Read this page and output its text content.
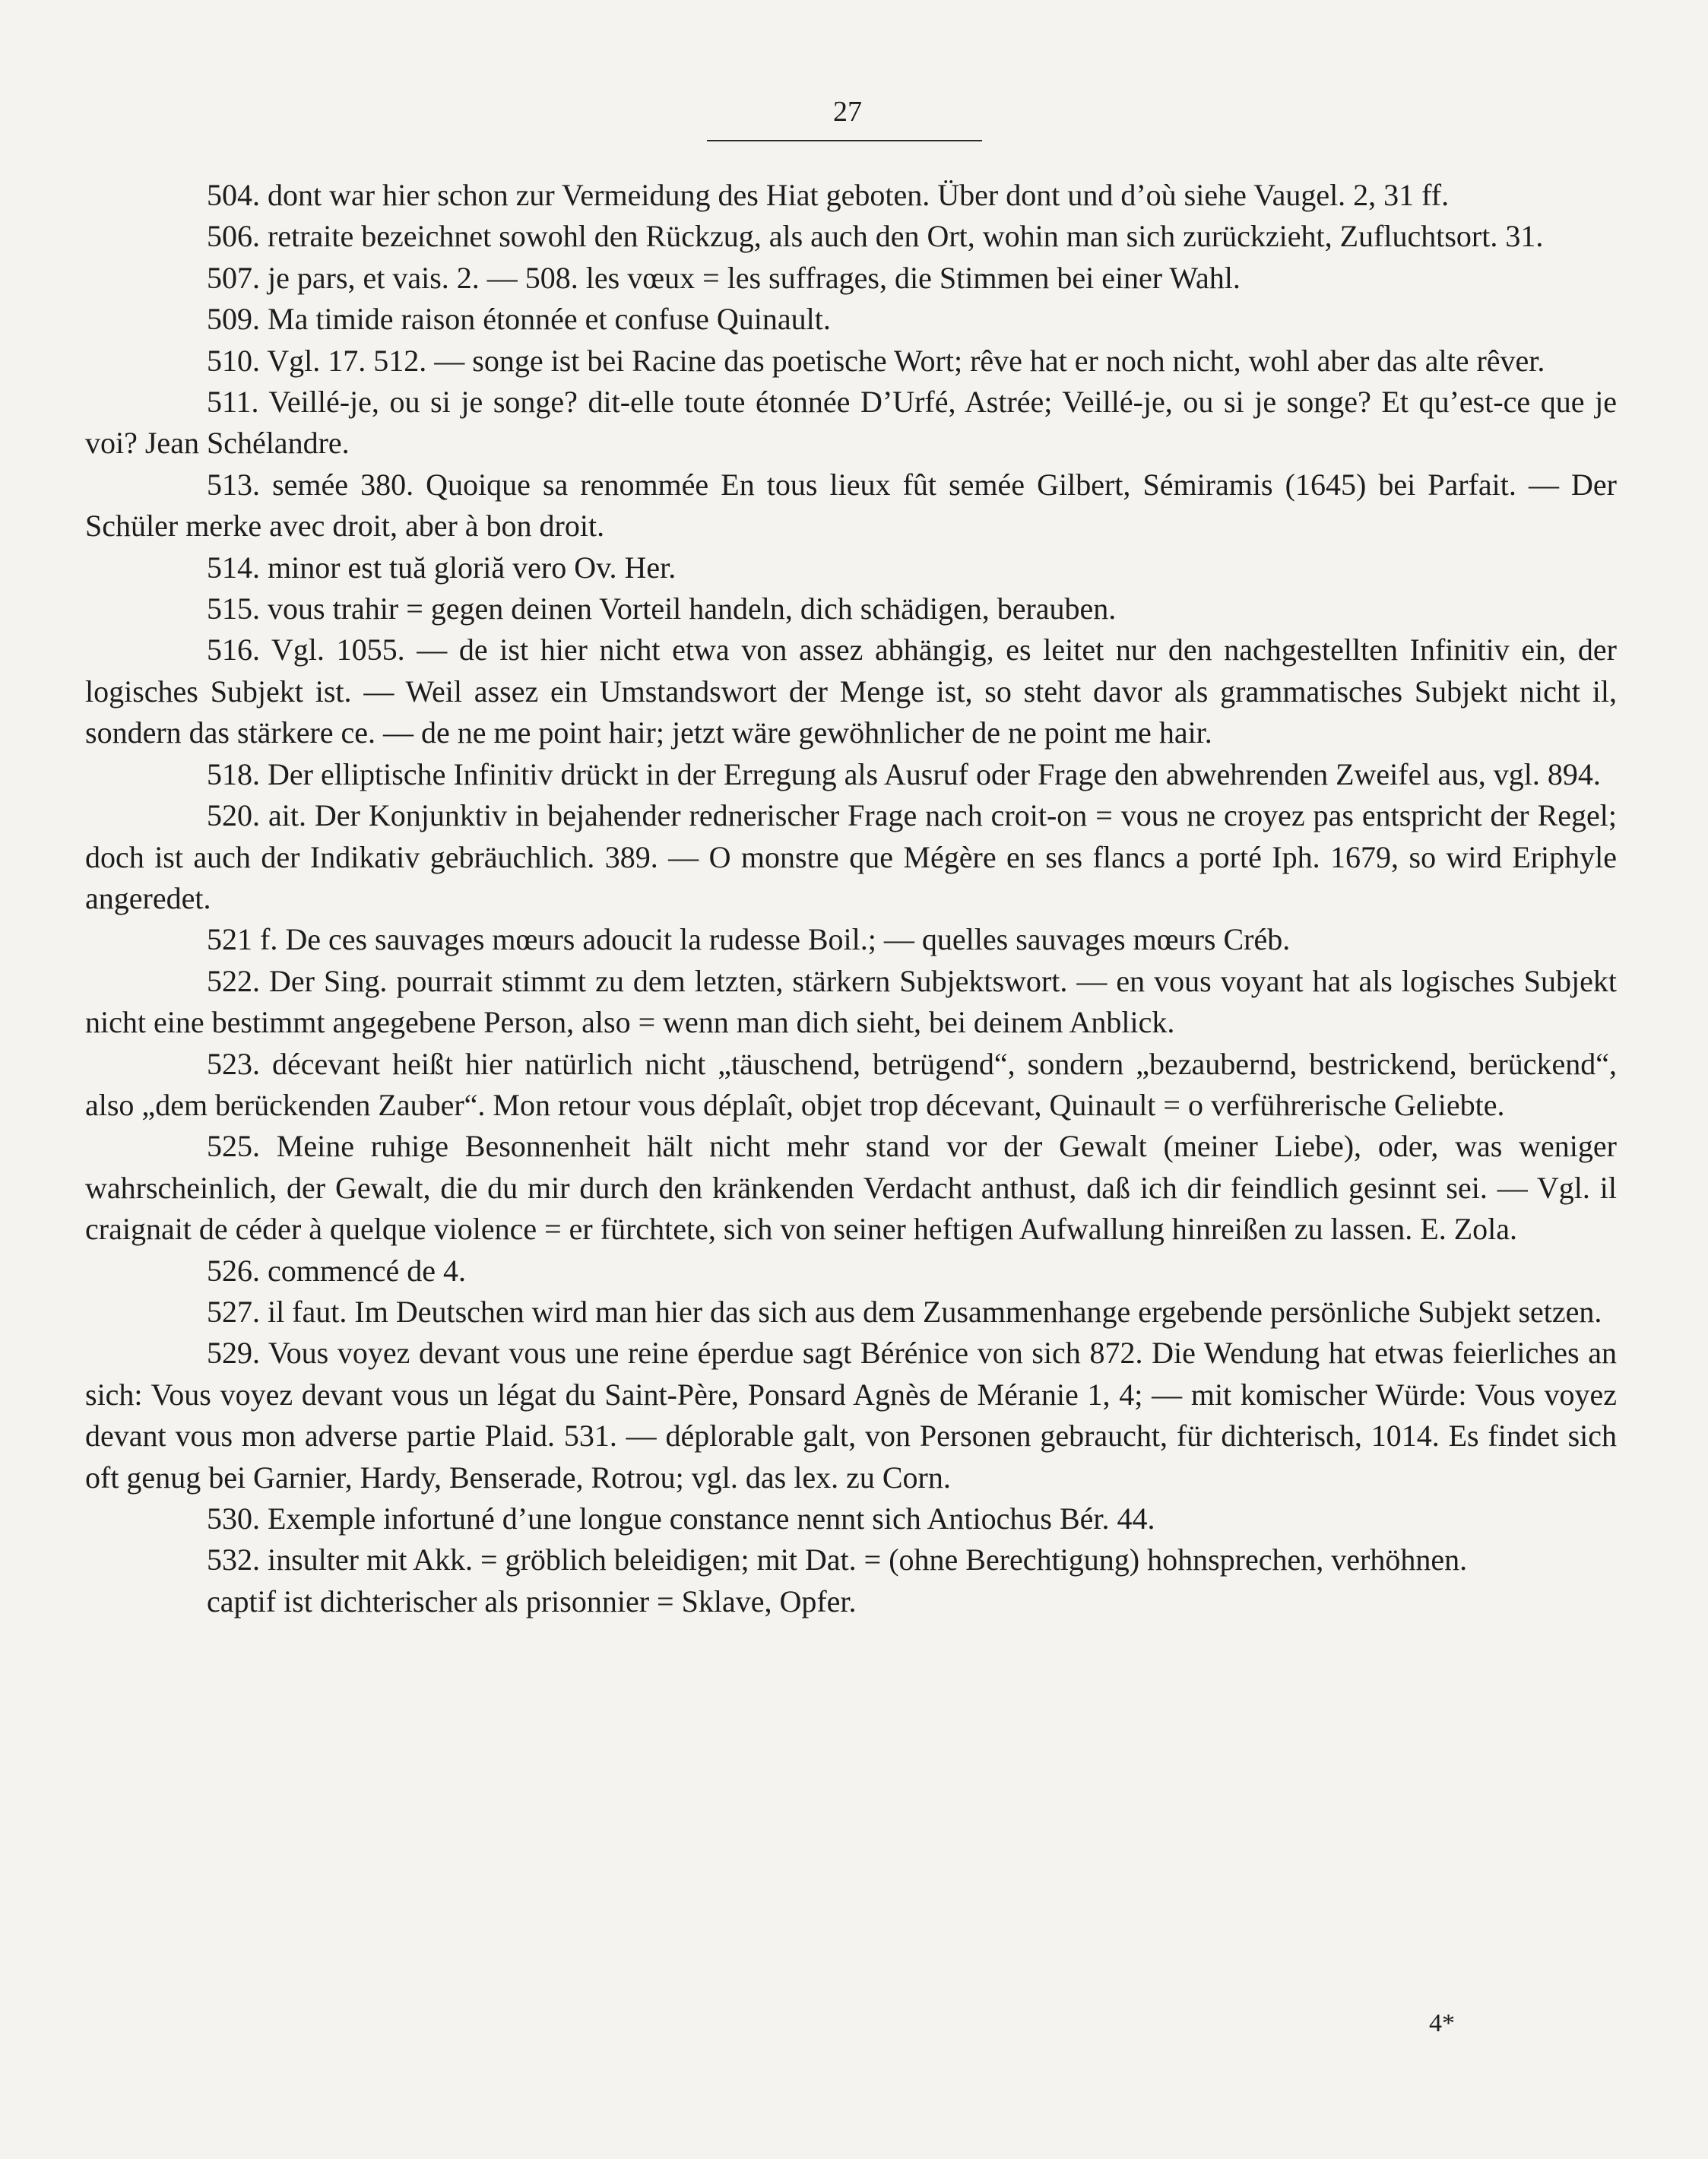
27

504. dont war hier schon zur Vermeidung des Hiat geboten. Über dont und d’où siehe Vaugel. 2, 31 ff.

506. retraite bezeichnet sowohl den Rückzug, als auch den Ort, wohin man sich zurückzieht, Zufluchtsort. 31.

507. je pars, et vais. 2. — 508. les vœux = les suffrages, die Stimmen bei einer Wahl.

509. Ma timide raison étonnée et confuse Quinault.

510. Vgl. 17. 512. — songe ist bei Racine das poetische Wort; rêve hat er noch nicht, wohl aber das alte rêver.

511. Veillé-je, ou si je songe? dit-elle toute étonnée D’Urfé, Astrée; Veillé-je, ou si je songe? Et qu’est-ce que je voi? Jean Schélandre.

513. semée 380. Quoique sa renommée En tous lieux fût semée Gilbert, Sémiramis (1645) bei Parfait. — Der Schüler merke avec droit, aber à bon droit.

514. minor est tuă gloriă vero Ov. Her.

515. vous trahir = gegen deinen Vorteil handeln, dich schädigen, berauben.

516. Vgl. 1055. — de ist hier nicht etwa von assez abhängig, es leitet nur den nachgestellten Infinitiv ein, der logisches Subjekt ist. — Weil assez ein Umstandswort der Menge ist, so steht davor als grammatisches Subjekt nicht il, sondern das stärkere ce. — de ne me point hair; jetzt wäre gewöhnlicher de ne point me hair.

518. Der elliptische Infinitiv drückt in der Erregung als Ausruf oder Frage den abwehrenden Zweifel aus, vgl. 894.

520. ait. Der Konjunktiv in bejahender rednerischer Frage nach croit-on = vous ne croyez pas entspricht der Regel; doch ist auch der Indikativ gebräuchlich. 389. — O monstre que Mégère en ses flancs a porté Iph. 1679, so wird Eriphyle angeredet.

521 f. De ces sauvages mœurs adoucit la rudesse Boil.; — quelles sauvages mœurs Créb.

522. Der Sing. pourrait stimmt zu dem letzten, stärkern Subjektswort. — en vous voyant hat als logisches Subjekt nicht eine bestimmt angegebene Person, also = wenn man dich sieht, bei deinem Anblick.

523. décevant heißt hier natürlich nicht „täuschend, betrügend“, sondern „bezaubernd, bestrickend, berückend“, also „dem berückenden Zauber“. Mon retour vous déplaît, objet trop décevant, Quinault = o verführerische Geliebte.

525. Meine ruhige Besonnenheit hält nicht mehr stand vor der Gewalt (meiner Liebe), oder, was weniger wahrscheinlich, der Gewalt, die du mir durch den kränkenden Verdacht anthust, daß ich dir feindlich gesinnt sei. — Vgl. il craignait de céder à quelque violence = er fürchtete, sich von seiner heftigen Aufwallung hinreißen zu lassen. E. Zola.

526. commencé de 4.

527. il faut. Im Deutschen wird man hier das sich aus dem Zusammenhange ergebende persönliche Subjekt setzen.

529. Vous voyez devant vous une reine éperdue sagt Bérénice von sich 872. Die Wendung hat etwas feierliches an sich: Vous voyez devant vous un légat du Saint-Père, Ponsard Agnès de Méranie 1, 4; — mit komischer Würde: Vous voyez devant vous mon adverse partie Plaid. 531. — déplorable galt, von Personen gebraucht, für dichterisch, 1014. Es findet sich oft genug bei Garnier, Hardy, Benserade, Rotrou; vgl. das lex. zu Corn.

530. Exemple infortuné d’une longue constance nennt sich Antiochus Bér. 44.

532. insulter mit Akk. = gröblich beleidigen; mit Dat. = (ohne Berechtigung) hohnsprechen, verhöhnen.

captif ist dichterischer als prisonnier = Sklave, Opfer.

4*
